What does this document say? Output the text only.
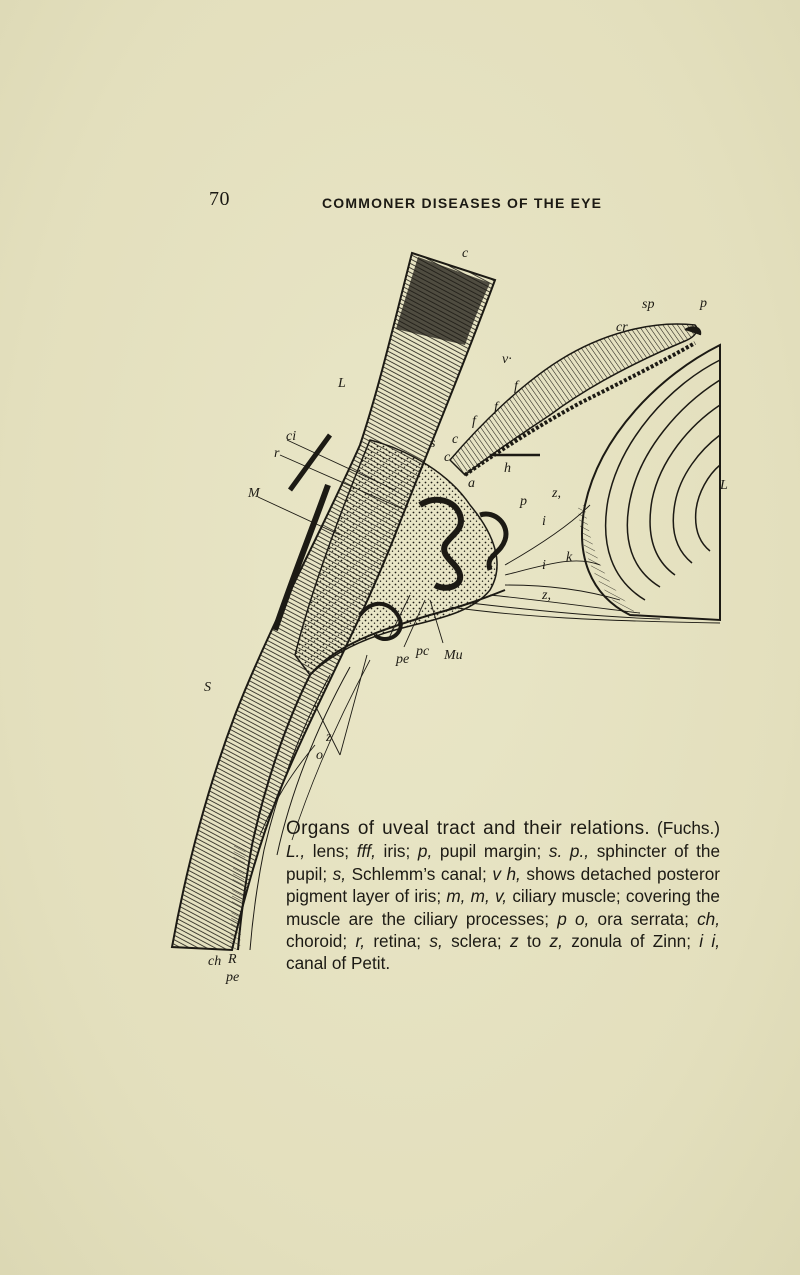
70	COMMONER DISEASES OF THE EYE
c
sp	p
cr
v·
L	f
f
f
ci
r
s c
c
a
h
M
p
z,
L
i
k
i
z,
pe
pc Mu
S
z
o
ch R
pe
Organs of uveal tract and their relations. (Fuchs.) L., lens; fff, iris; p, pupil margin; s. p., sphincter of the pupil; s, Schlemm’s canal; v h, shows detached posteror pigment layer of iris; m, m, v, ciliary muscle; covering the muscle are the ciliary processes; p o, ora serrata; ch, choroid; r, retina; s, sclera; z to z, zonula of Zinn; i i, canal of Petit.
